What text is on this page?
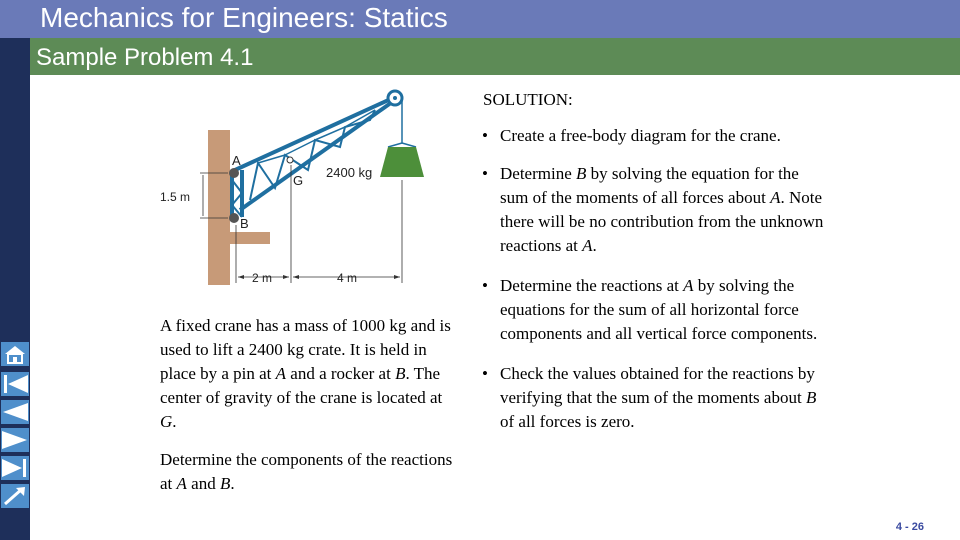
Mechanics for Engineers: Statics
Sample Problem 4.1
A
B
G
2400 kg
1.5 m
2 m	4 m

A fixed crane has a mass of 1000 kg and is used to lift a 2400 kg crate. It is held in place by a pin at A and a rocker at B. The center of gravity of the crane is located at G.

Determine the components of the reactions at A and B.

SOLUTION:
• Create a free-body diagram for the crane.
• Determine B by solving the equation for the sum of the moments of all forces about A. Note there will be no contribution from the unknown reactions at A.
• Determine the reactions at A by solving the equations for the sum of all horizontal force components and all vertical force components.
• Check the values obtained for the reactions by verifying that the sum of the moments about B of all forces is zero.
4 - 26
